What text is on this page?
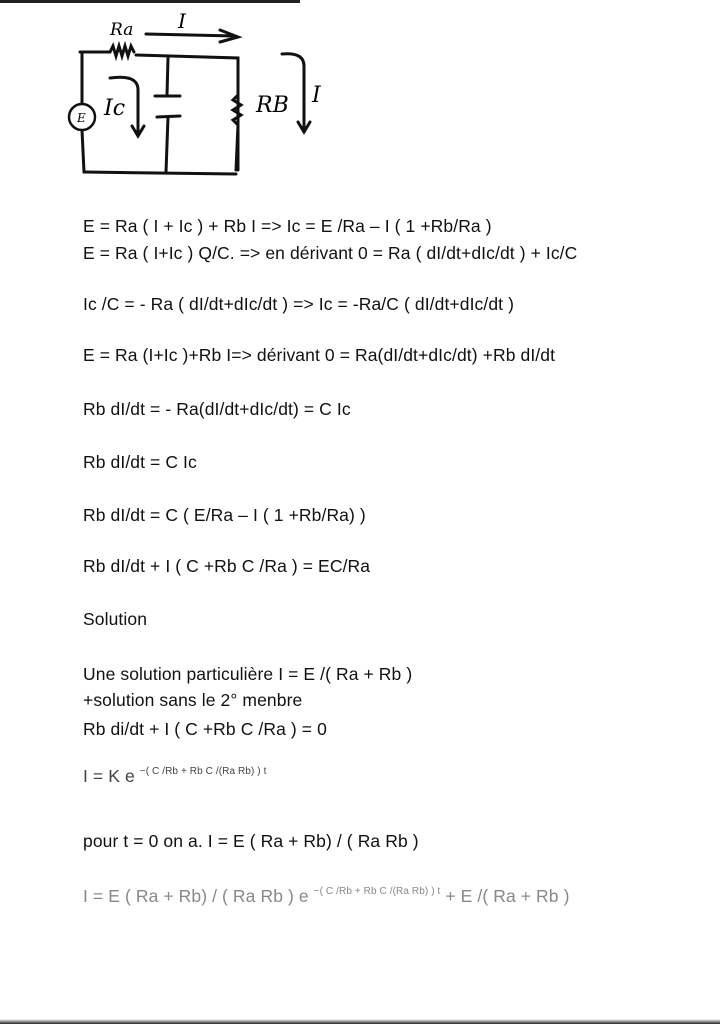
E
Ra I
Ic	RB I
E = Ra ( I + Ic ) + Rb I => Ic = E /Ra – I ( 1 +Rb/Ra )
E = Ra ( I+Ic ) Q/C. => en dérivant 0 = Ra ( dI/dt+dIc/dt ) + Ic/C
Ic /C = - Ra ( dI/dt+dIc/dt ) => Ic = -Ra/C ( dI/dt+dIc/dt )
E = Ra (I+Ic )+Rb I=> dérivant 0 = Ra(dI/dt+dIc/dt) +Rb dI/dt
Rb dI/dt = - Ra(dI/dt+dIc/dt) = C Ic
Rb dI/dt = C Ic
Rb dI/dt = C ( E/Ra – I ( 1 +Rb/Ra) )
Rb dI/dt + I ( C +Rb C /Ra ) = EC/Ra
Solution
Une solution particulière I = E /( Ra + Rb )
+solution sans le 2° menbre
Rb di/dt + I ( C +Rb C /Ra ) = 0
I = K e $^{-( C /Rb + Rb C /(Ra Rb) ) t}$
pour t = 0 on a. I = E ( Ra + Rb) / ( Ra Rb )
I = E ( Ra + Rb) / ( Ra Rb ) e $^{-( C /Rb + Rb C /(Ra Rb) ) t}$ + E /( Ra + Rb )
